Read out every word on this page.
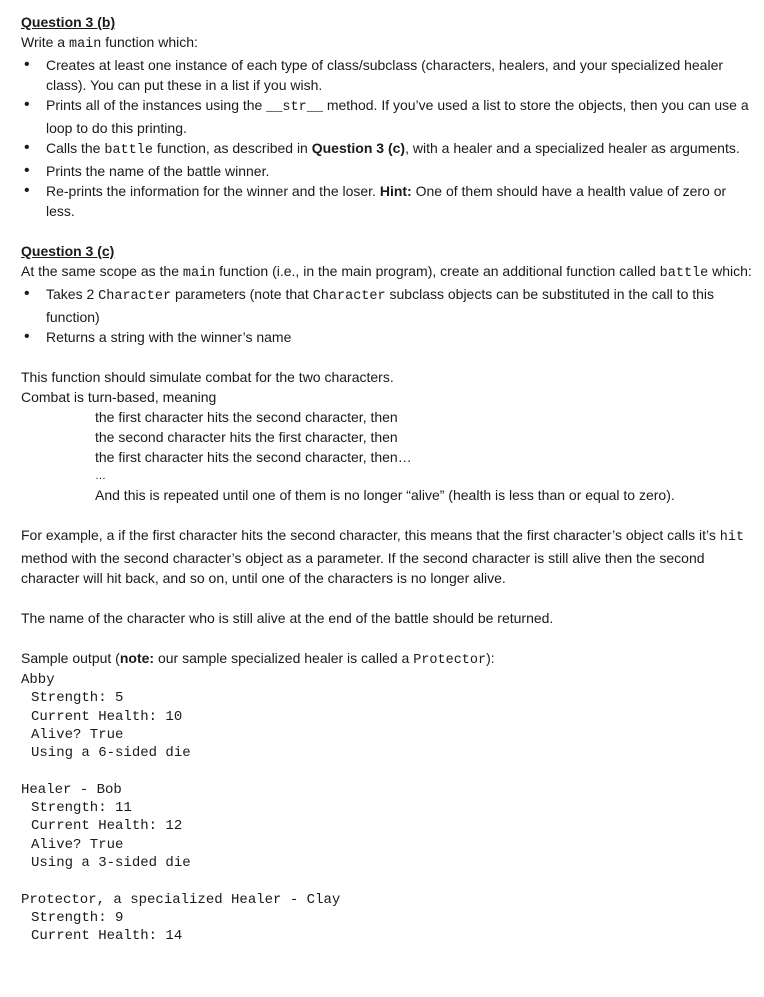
Question 3 (b)
Write a main function which:
• Creates at least one instance of each type of class/subclass (characters, healers, and your specialized healer class). You can put these in a list if you wish.
• Prints all of the instances using the __str__ method. If you’ve used a list to store the objects, then you can use a loop to do this printing.
• Calls the battle function, as described in Question 3 (c), with a healer and a specialized healer as arguments.
• Prints the name of the battle winner.
• Re-prints the information for the winner and the loser. Hint: One of them should have a health value of zero or less.
Question 3 (c)
At the same scope as the main function (i.e., in the main program), create an additional function called battle which:
• Takes 2 Character parameters (note that Character subclass objects can be substituted in the call to this function)
• Returns a string with the winner’s name
This function should simulate combat for the two characters.
Combat is turn-based, meaning
the first character hits the second character, then
the second character hits the first character, then
the first character hits the second character, then…
…
And this is repeated until one of them is no longer “alive” (health is less than or equal to zero).
For example, a if the first character hits the second character, this means that the first character’s object calls it’s hit method with the second character’s object as a parameter. If the second character is still alive then the second character will hit back, and so on, until one of the characters is no longer alive.
The name of the character who is still alive at the end of the battle should be returned.
Sample output (note: our sample specialized healer is called a Protector):
Abby
Strength: 5
Current Health: 10
Alive? True
Using a 6-sided die

Healer - Bob
Strength: 11
Current Health: 12
Alive? True
Using a 3-sided die

Protector, a specialized Healer - Clay
Strength: 9
Current Health: 14
